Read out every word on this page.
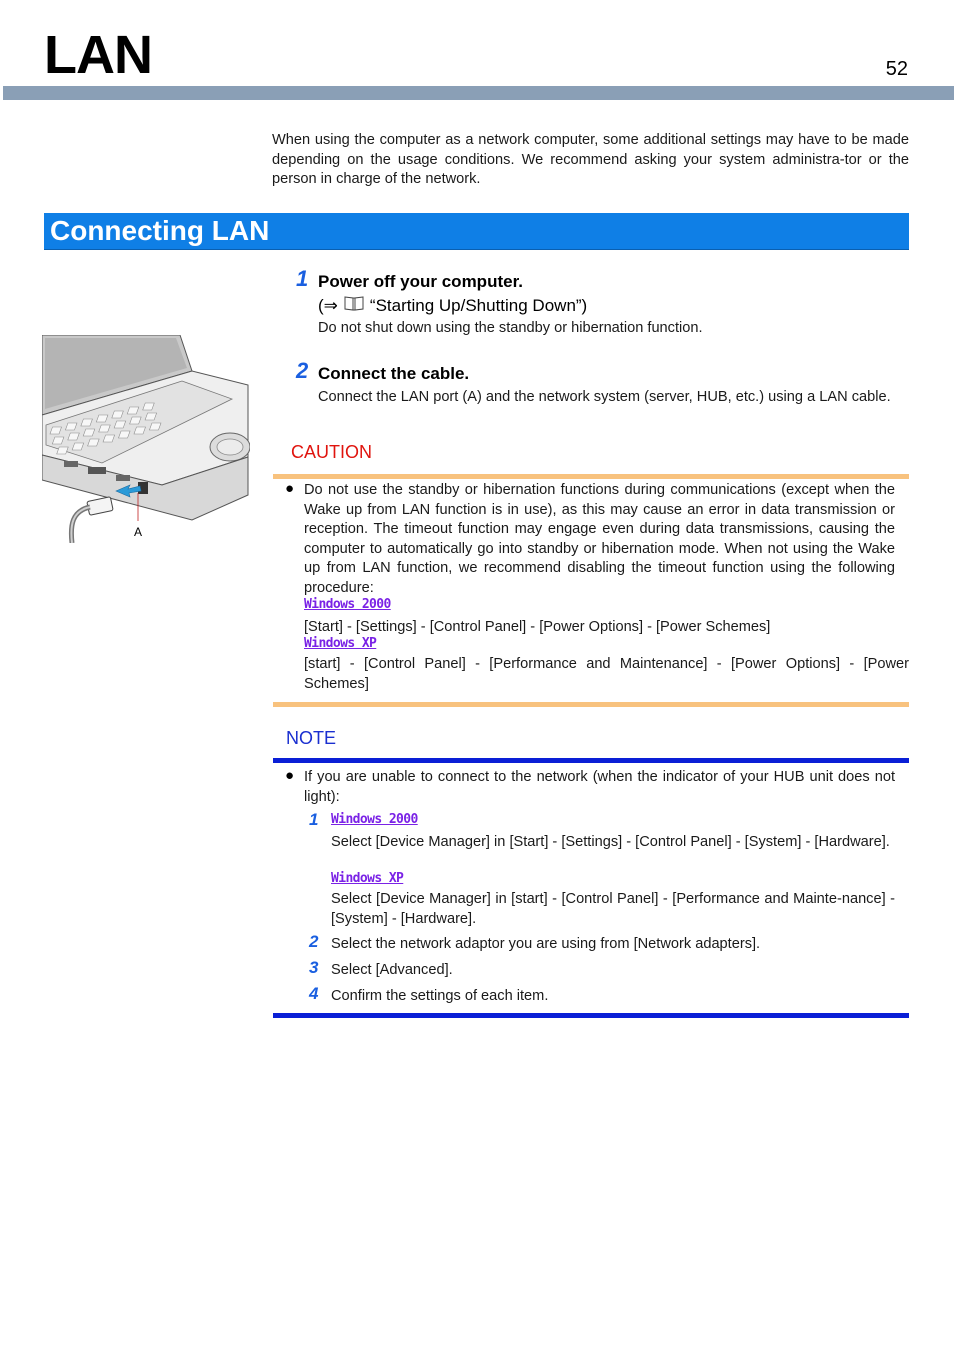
LAN	52
When using the computer as a network computer, some additional settings may have to be made depending on the usage conditions. We recommend asking your system administra-tor or the person in charge of the network.
Connecting LAN
A
1 Power off your computer.
(⇒ “Starting Up/Shutting Down”)
Do not shut down using the standby or hibernation function.
2 Connect the cable.
Connect the LAN port (A) and the network system (server, HUB, etc.) using a LAN cable.
CAUTION
● Do not use the standby or hibernation functions during communications (except when the Wake up from LAN function is in use), as this may cause an error in data transmission or reception. The timeout function may engage even during data transmissions, causing the computer to automatically go into standby or hibernation mode. When not using the Wake up from LAN function, we recommend disabling the timeout function using the following procedure:
Windows 2000
[Start] - [Settings] - [Control Panel] - [Power Options] - [Power Schemes]
Windows XP
[start] - [Control Panel] - [Performance and Maintenance] - [Power Options] - [Power Schemes]
NOTE
● If you are unable to connect to the network (when the indicator of your HUB unit does not light):
1 Windows 2000
Select [Device Manager] in [Start] - [Settings] - [Control Panel] - [System] - [Hardware].
Windows XP
Select [Device Manager] in [start] - [Control Panel] - [Performance and Mainte-nance] - [System] - [Hardware].
2 Select the network adaptor you are using from [Network adapters].
3 Select [Advanced].
4 Confirm the settings of each item.
